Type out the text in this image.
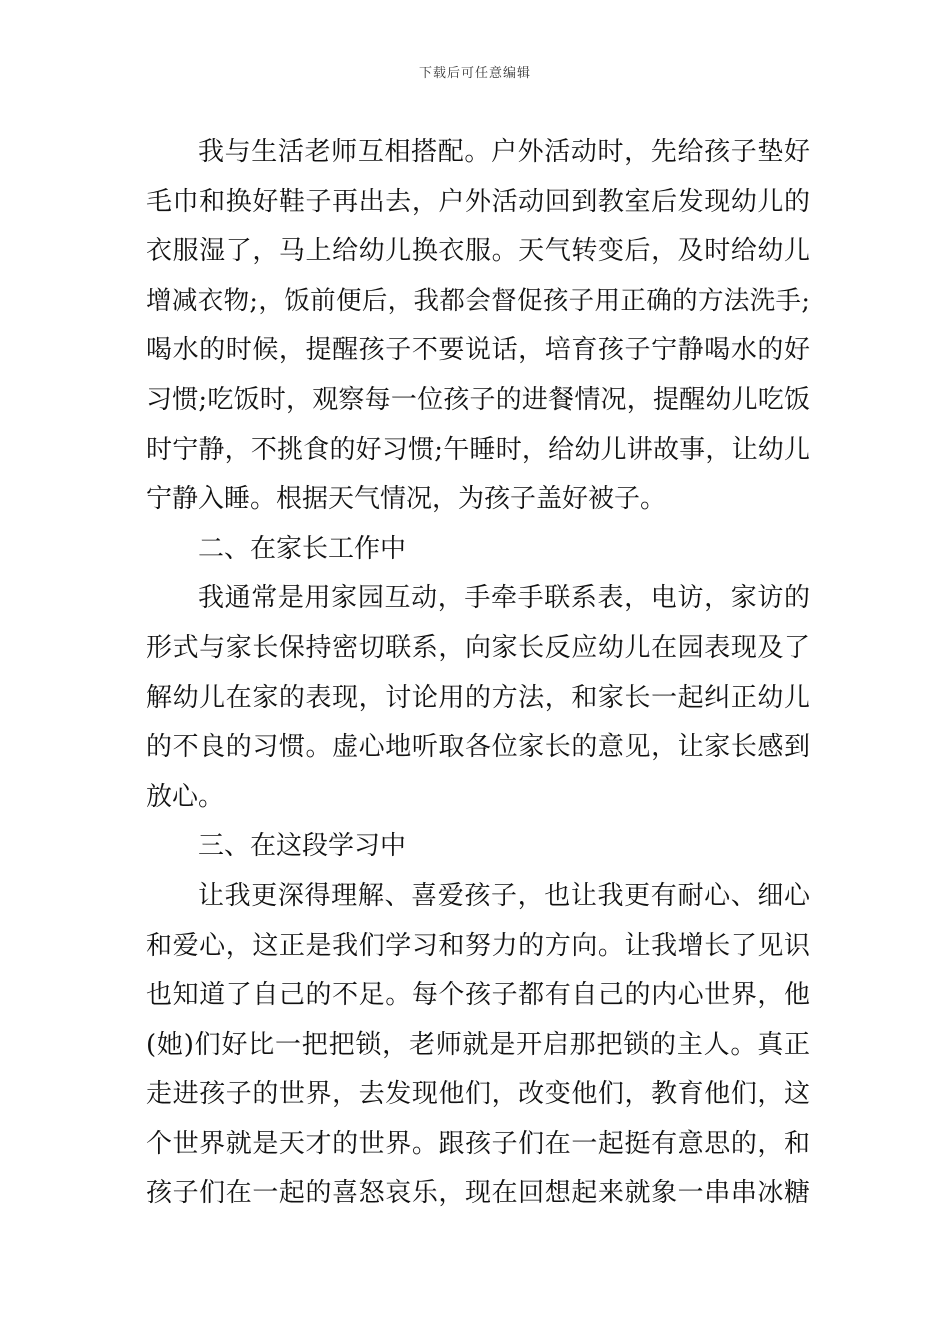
下载后可任意编辑
我与生活老师互相搭配。户外活动时，先给孩子垫好
毛巾和换好鞋子再出去，户外活动回到教室后发现幼儿的
衣服湿了，马上给幼儿换衣服。天气转变后，及时给幼儿
增减衣物;，饭前便后，我都会督促孩子用正确的方法洗手;
喝水的时候，提醒孩子不要说话，培育孩子宁静喝水的好
习惯;吃饭时，观察每一位孩子的进餐情况，提醒幼儿吃饭
时宁静，不挑食的好习惯;午睡时，给幼儿讲故事，让幼儿
宁静入睡。根据天气情况，为孩子盖好被子。
二、在家长工作中
我通常是用家园互动，手牵手联系表，电访，家访的
形式与家长保持密切联系，向家长反应幼儿在园表现及了
解幼儿在家的表现，讨论用的方法，和家长一起纠正幼儿
的不良的习惯。虚心地听取各位家长的意见，让家长感到
放心。
三、在这段学习中
让我更深得理解、喜爱孩子，也让我更有耐心、细心
和爱心，这正是我们学习和努力的方向。让我增长了见识
也知道了自己的不足。每个孩子都有自己的内心世界，他
(她)们好比一把把锁，老师就是开启那把锁的主人。真正
走进孩子的世界，去发现他们，改变他们，教育他们，这
个世界就是天才的世界。跟孩子们在一起挺有意思的，和
孩子们在一起的喜怒哀乐，现在回想起来就象一串串冰糖
